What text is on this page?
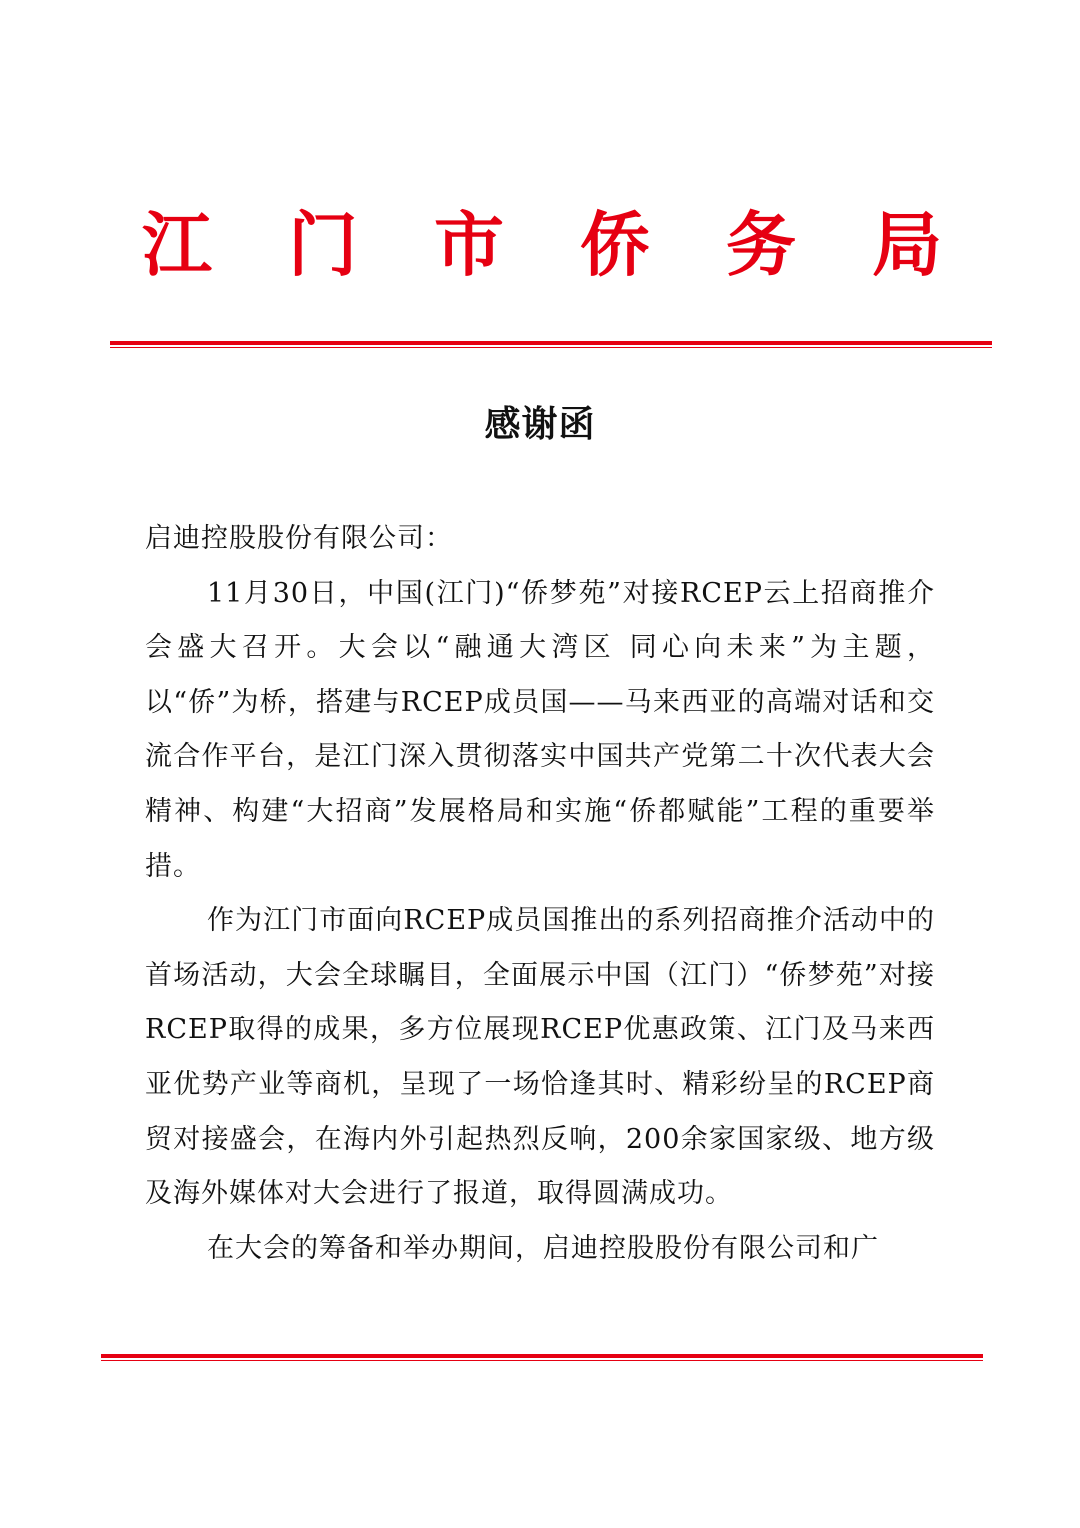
江 门 市 侨 务 局
感谢函

启迪控股股份有限公司：

11月30日，中国(江门)“侨梦苑”对接RCEP云上招商推介会盛大召开。大会以“融通大湾区 同心向未来”为主题，以“侨”为桥，搭建与RCEP成员国——马来西亚的高端对话和交流合作平台，是江门深入贯彻落实中国共产党第二十次代表大会精神、构建“大招商”发展格局和实施“侨都赋能”工程的重要举措。

作为江门市面向RCEP成员国推出的系列招商推介活动中的首场活动，大会全球瞩目，全面展示中国（江门）“侨梦苑”对接RCEP取得的成果，多方位展现RCEP优惠政策、江门及马来西亚优势产业等商机，呈现了一场恰逢其时、精彩纷呈的RCEP商贸对接盛会，在海内外引起热烈反响，200余家国家级、地方级及海外媒体对大会进行了报道，取得圆满成功。

在大会的筹备和举办期间，启迪控股股份有限公司和广
